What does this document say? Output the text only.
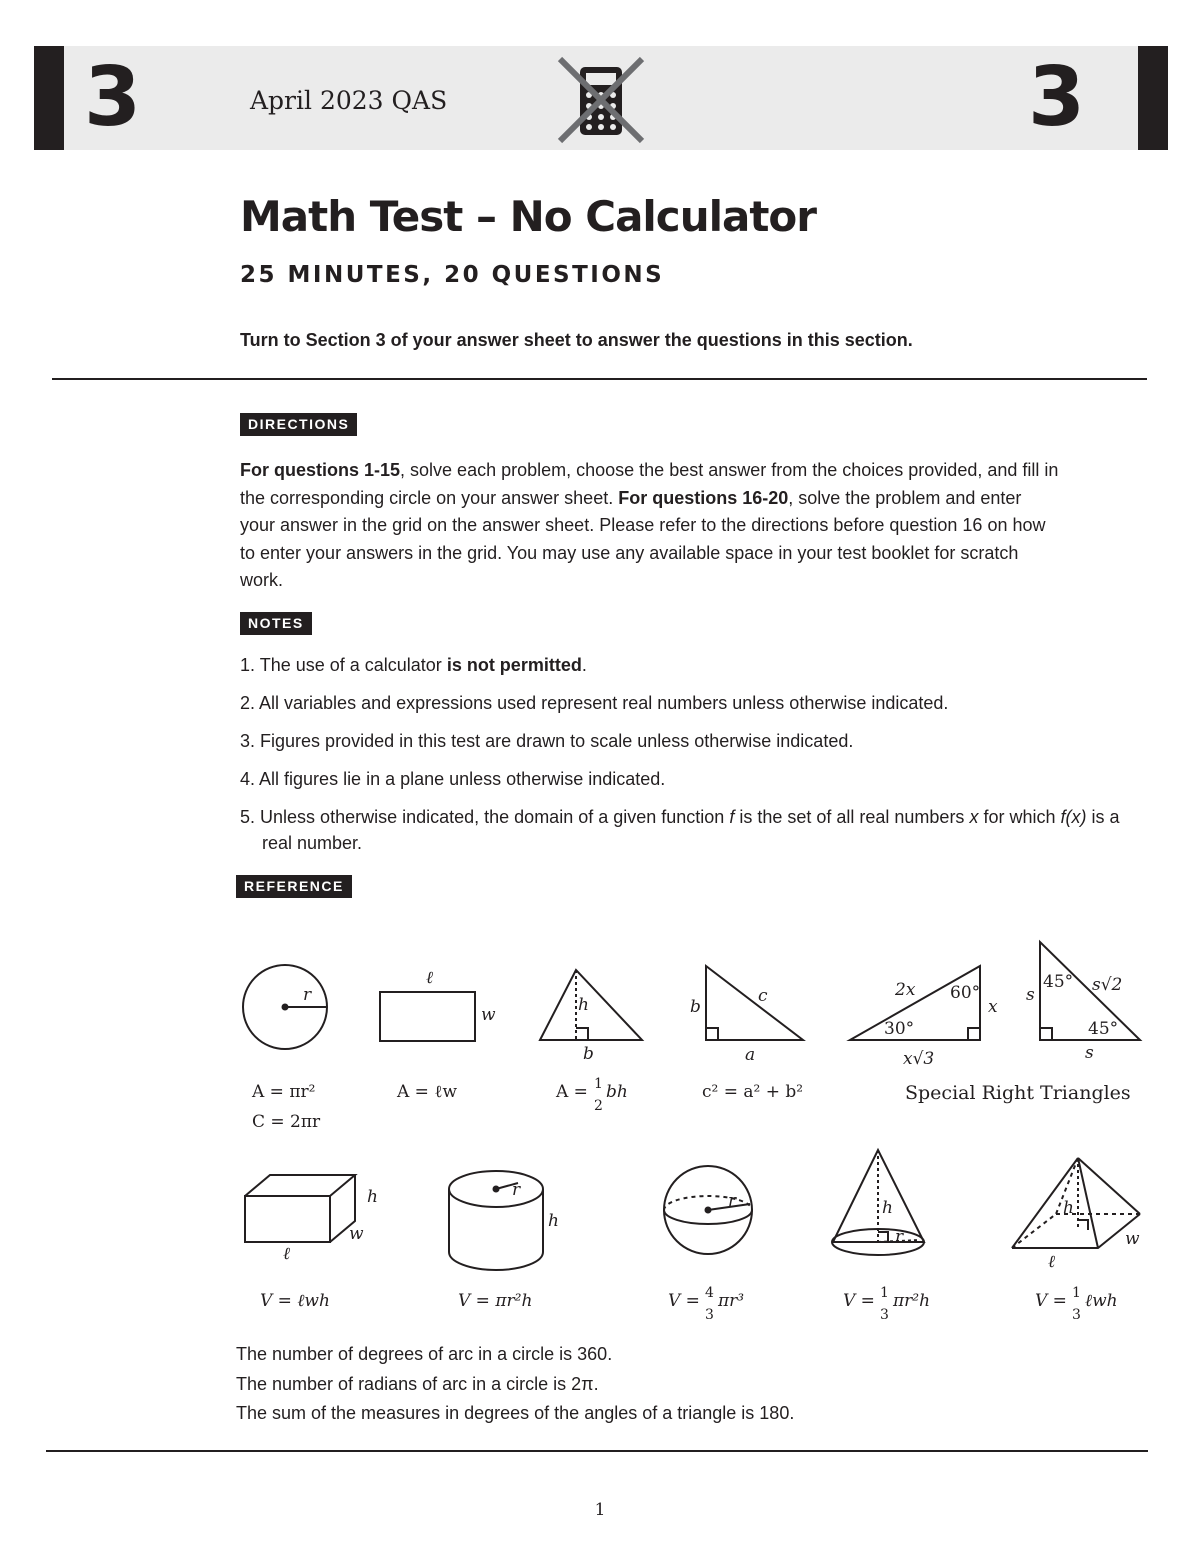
3	3
April 2023 QAS
Math Test – No Calculator
25 MINUTES, 20 QUESTIONS
Turn to Section 3 of your answer sheet to answer the questions in this section.
DIRECTIONS
For questions 1-15, solve each problem, choose the best answer from the choices provided, and fill in the corresponding circle on your answer sheet. For questions 16-20, solve the problem and enter your answer in the grid on the answer sheet. Please refer to the directions before question 16 on how to enter your answers in the grid. You may use any available space in your test booklet for scratch work.
NOTES
1. The use of a calculator is not permitted.
2. All variables and expressions used represent real numbers unless otherwise indicated.
3. Figures provided in this test are drawn to scale unless otherwise indicated.
4. All figures lie in a plane unless otherwise indicated.
5. Unless otherwise indicated, the domain of a given function f is the set of all real numbers x for which f(x) is a real number.
REFERENCE
r
A = πr²
C = 2πr
ℓ
w
A = ℓw
h
b
A = 1
2
bh
b
c
a
c² = a² + b²
2x 60°
30°
x
x√3
45° s√2
s
45°
s
Special Right Triangles
h
w
ℓ
V = ℓwh
r
h
V = πr²h
r
V = 4
3
πr³
h
r
V = 1
3
πr²h
h
w
ℓ
V = 1
3
ℓwh
The number of degrees of arc in a circle is 360.
The number of radians of arc in a circle is 2π.
The sum of the measures in degrees of the angles of a triangle is 180.
1
